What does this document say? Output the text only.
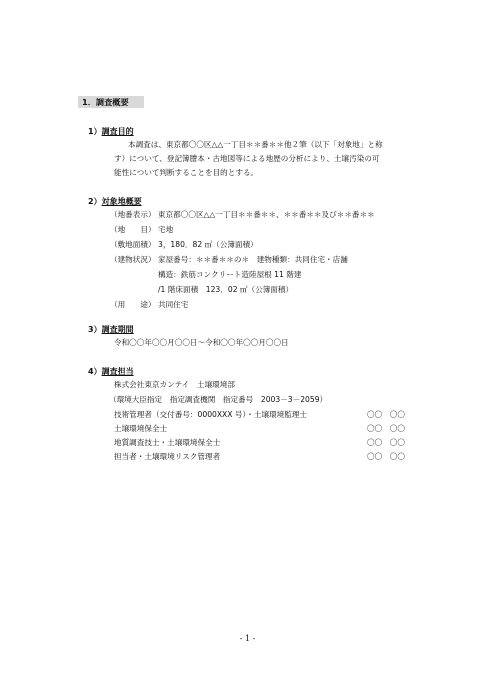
1．調査概要
1）調査目的
本調査は、東京都〇〇区△△一丁目＊＊番＊＊他２筆（以下「対象地」と称
す）について、登記簿謄本・古地図等による地歴の分析により、土壌汚染の可
能性について判断することを目的とする。
2）対象地概要
（地番表示） 東京都〇〇区△△一丁目＊＊番＊＊、＊＊番＊＊及び＊＊番＊＊
（地　　目） 宅地
（敷地面積） 3，180．82 ㎡（公簿面積）
（建物状況） 家屋番号：＊＊番＊＊の＊　建物種類：共同住宅・店舗
構造：鉄筋コンクリート造陸屋根 11 階建
/1 階床面積　123．02 ㎡（公簿面積）
（用　　途） 共同住宅
3）調査期間
令和〇〇年〇〇月〇〇日～令和〇〇年〇〇月〇〇日
4）調査担当
株式会社東京カンテイ　土壌環境部
（環境大臣指定　指定調査機関　指定番号　2003－3－2059）
技術管理者（交付番号：0000XXX 号）・土壌環境監理士	〇〇　〇〇
土壌環境保全士	〇〇　〇〇
地質調査技士・土壌環境保全士	〇〇　〇〇
担当者・土壌環境リスク管理者	〇〇　〇〇
- 1 -
